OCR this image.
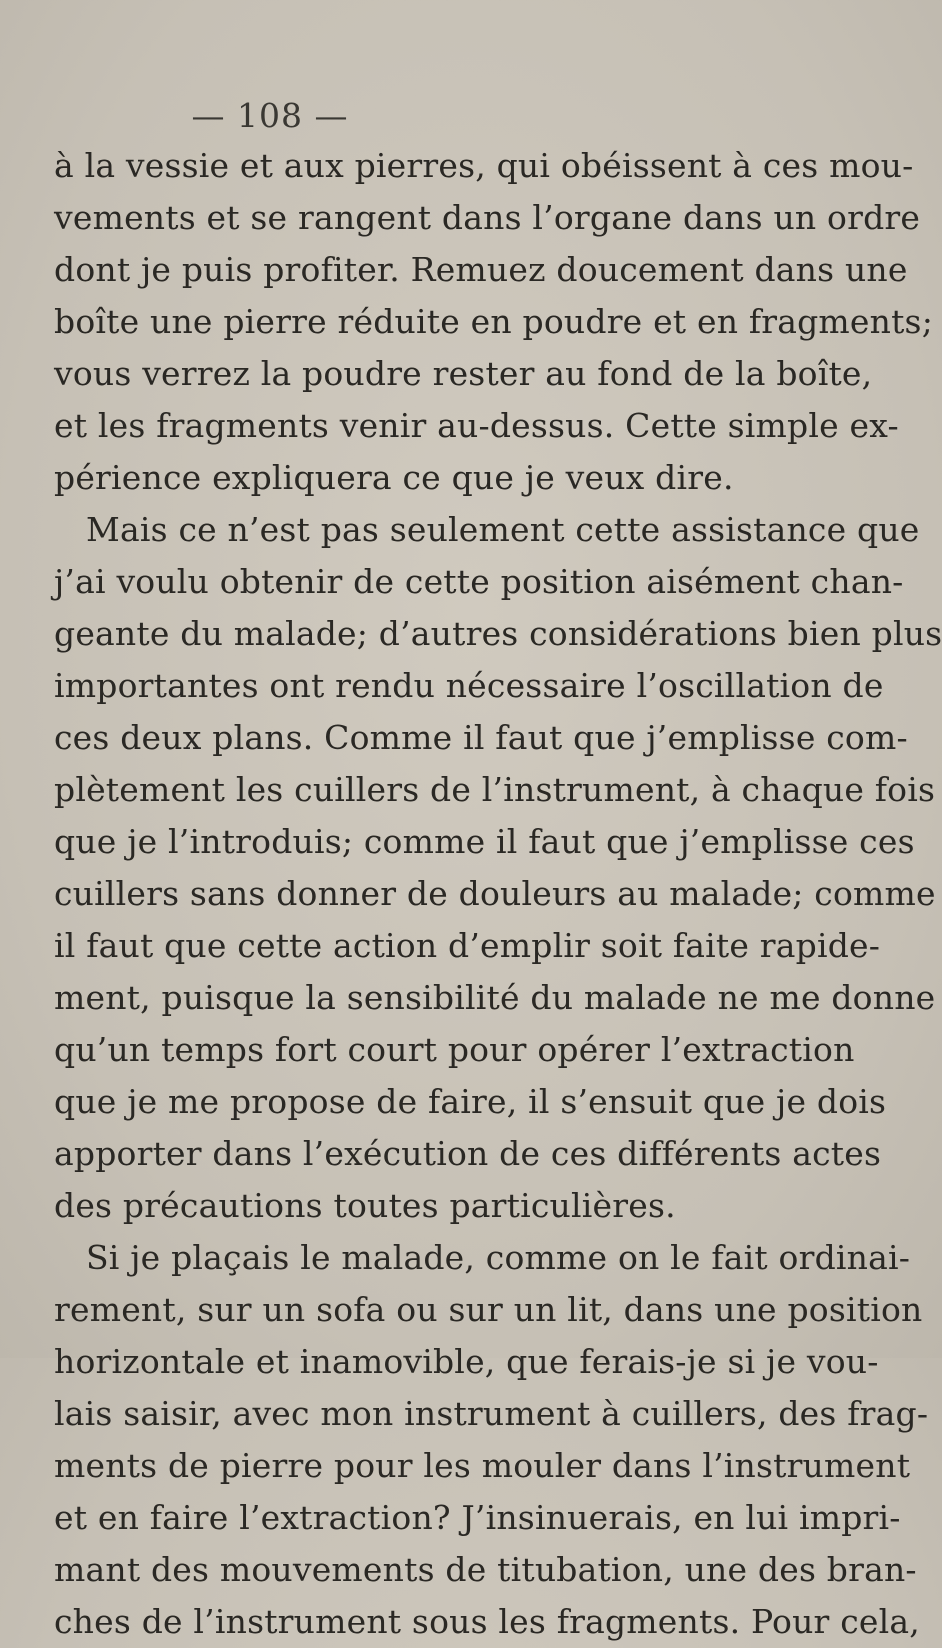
— 108 —
à la vessie et aux pierres, qui obéissent à ces mou-
vements et se rangent dans l’organe dans un ordre
dont je puis profiter. Remuez doucement dans une
boîte une pierre réduite en poudre et en fragments;
vous verrez la poudre rester au fond de la boîte,
et les fragments venir au-dessus. Cette simple ex-
périence expliquera ce que je veux dire.
Mais ce n’est pas seulement cette assistance que
j’ai voulu obtenir de cette position aisément chan-
geante du malade; d’autres considérations bien plus
importantes ont rendu nécessaire l’oscillation de
ces deux plans. Comme il faut que j’emplisse com-
plètement les cuillers de l’instrument, à chaque fois
que je l’introduis; comme il faut que j’emplisse ces
cuillers sans donner de douleurs au malade; comme
il faut que cette action d’emplir soit faite rapide-
ment, puisque la sensibilité du malade ne me donne
qu’un temps fort court pour opérer l’extraction
que je me propose de faire, il s’ensuit que je dois
apporter dans l’exécution de ces différents actes
des précautions toutes particulières.
Si je plaçais le malade, comme on le fait ordinai-
rement, sur un sofa ou sur un lit, dans une position
horizontale et inamovible, que ferais-je si je vou-
lais saisir, avec mon instrument à cuillers, des frag-
ments de pierre pour les mouler dans l’instrument
et en faire l’extraction? J’insinuerais, en lui impri-
mant des mouvements de titubation, une des bran-
ches de l’instrument sous les fragments. Pour cela,
